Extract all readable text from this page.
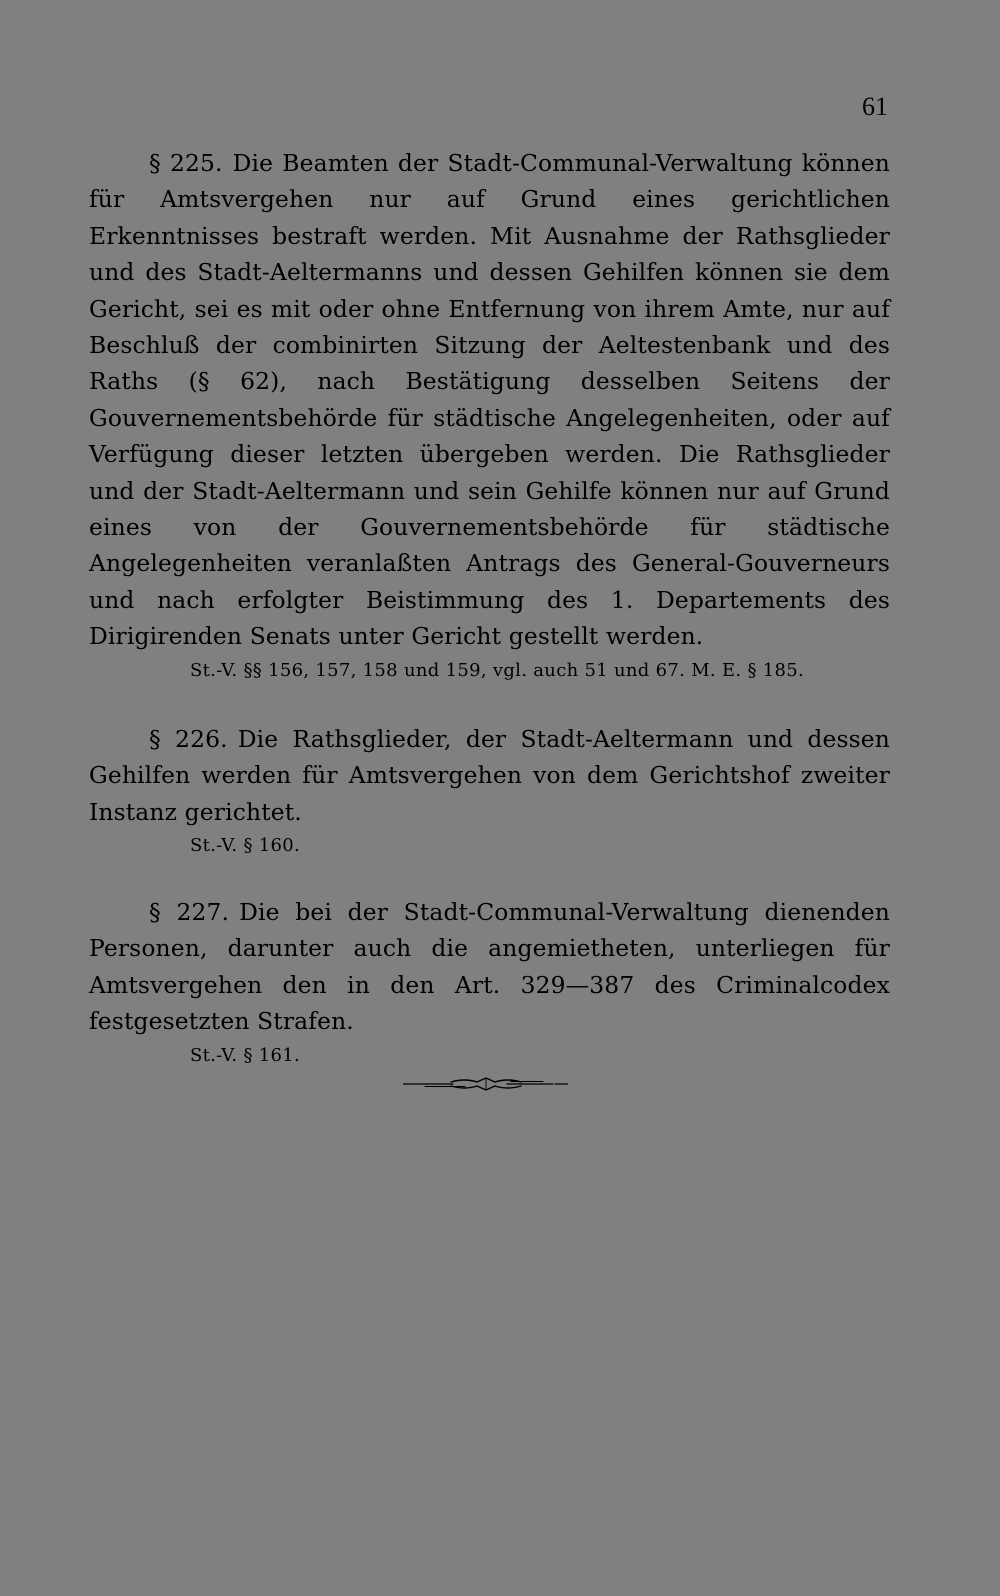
61

§ 225. Die Beamten der Stadt-Communal-Verwaltung können für Amtsvergehen nur auf Grund eines gerichtlichen Erkenntnisses bestraft werden. Mit Ausnahme der Rathsglieder und des Stadt-Aeltermanns und dessen Gehilfen können sie dem Gericht, sei es mit oder ohne Entfernung von ihrem Amte, nur auf Beschluß der combinirten Sitzung der Aeltestenbank und des Raths (§ 62), nach Bestätigung desselben Seitens der Gouvernementsbehörde für städtische Angelegenheiten, oder auf Verfügung dieser letzten übergeben werden. Die Rathsglieder und der Stadt-Aeltermann und sein Gehilfe können nur auf Grund eines von der Gouvernementsbehörde für städtische Angelegenheiten veranlaßten Antrags des General-Gouverneurs und nach erfolgter Beistimmung des 1. Departements des Dirigirenden Senats unter Gericht gestellt werden.

St.-V. §§ 156, 157, 158 und 159, vgl. auch 51 und 67. M. E. § 185.

§ 226. Die Rathsglieder, der Stadt-Aeltermann und dessen Gehilfen werden für Amtsvergehen von dem Gerichtshof zweiter Instanz gerichtet.

St.-V. § 160.

§ 227. Die bei der Stadt-Communal-Verwaltung dienenden Personen, darunter auch die angemietheten, unterliegen für Amtsvergehen den in den Art. 329—387 des Criminalcodex festgesetzten Strafen.

St.-V. § 161.
